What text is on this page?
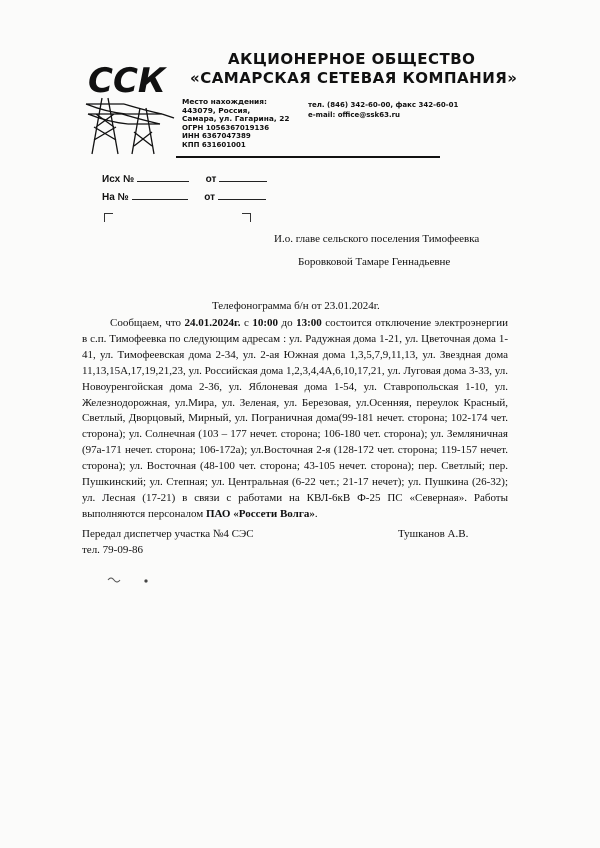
ССК
АКЦИОНЕРНОЕ ОБЩЕСТВО
«САМАРСКАЯ СЕТЕВАЯ КОМПАНИЯ»
Место нахождения:
443079, Россия,
Самара, ул. Гагарина, 22
ОГРН 1056367019136
ИНН 6367047389
КПП 631601001
тел. (846) 342-60-00, факс 342-60-01
e-mail: office@ssk63.ru
Исх №	от
На №	от
И.о. главе сельского поселения Тимофеевка
Боровковой Тамаре Геннадьевне
Телефонограмма б/н от 23.01.2024г.
Сообщаем, что 24.01.2024г. с 10:00 до 13:00 состоится отключение электроэнергии в с.п. Тимофеевка по следующим адресам : ул. Радужная дома 1-21, ул. Цветочная дома 1-41, ул. Тимофеевская дома 2-34, ул. 2-ая Южная дома 1,3,5,7,9,11,13, ул. Звездная дома 11,13,15А,17,19,21,23, ул. Российская дома 1,2,3,4,4А,6,10,17,21, ул. Луговая дома 3-33, ул. Новоуренгойская дома 2-36, ул. Яблоневая дома 1-54, ул. Ставропольская 1-10, ул. Железнодорожная, ул.Мира, ул. Зеленая, ул. Березовая, ул.Осенняя, переулок Красный, Светлый, Дворцовый, Мирный, ул. Пограничная дома(99-181 нечет. сторона; 102-174 чет. сторона); ул. Солнечная (103 – 177 нечет. сторона; 106-180 чет. сторона); ул. Земляничная (97а-171 нечет. сторона; 106-172а); ул.Восточная 2-я (128-172 чет. сторона; 119-157 нечет. сторона); ул. Восточная (48-100 чет. сторона; 43-105 нечет. сторона); пер. Светлый; пер. Пушкинский; ул. Степная; ул. Центральная (6-22 чет.; 21-17 нечет); ул. Пушкина (26-32); ул. Лесная (17-21) в связи с работами на КВЛ-6кВ Ф-25 ПС «Северная». Работы выполняются персоналом ПАО «Россети Волга».
Передал диспетчер участка №4 СЭС
тел. 79-09-86
Тушканов А.В.
